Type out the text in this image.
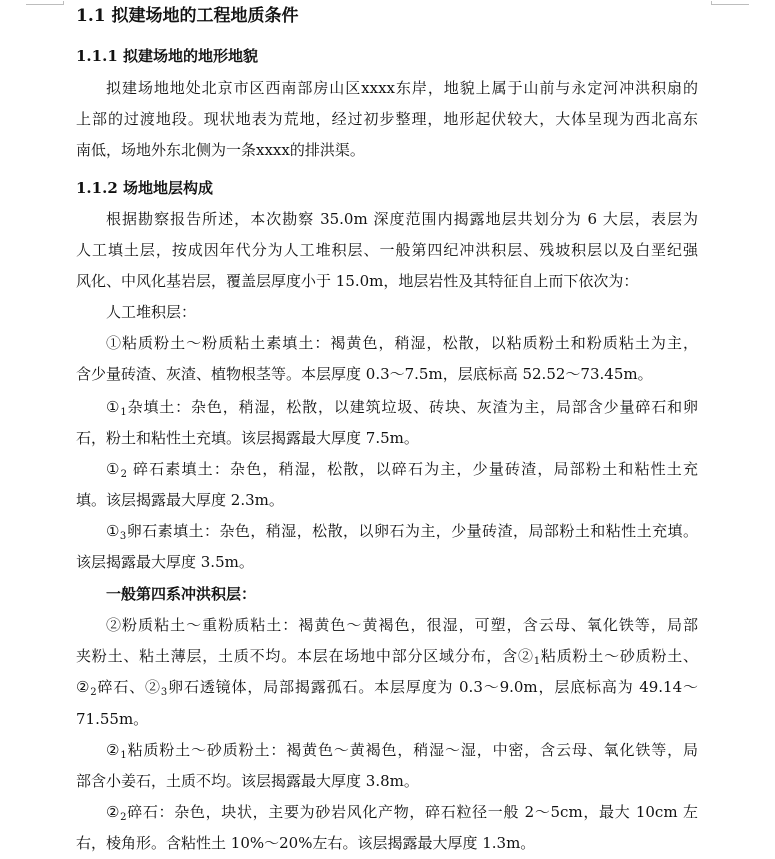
1.1 拟建场地的工程地质条件
1.1.1 拟建场地的地形地貌
拟建场地地处北京市区西南部房山区xxxx东岸，地貌上属于山前与永定河冲洪积扇的
上部的过渡地段。现状地表为荒地，经过初步整理，地形起伏较大，大体呈现为西北高东
南低，场地外东北侧为一条xxxx的排洪渠。
1.1.2 场地地层构成
根据勘察报告所述，本次勘察 35.0m 深度范围内揭露地层共划分为 6 大层，表层为
人工填土层，按成因年代分为人工堆积层、一般第四纪冲洪积层、残坡积层以及白垩纪强
风化、中风化基岩层，覆盖层厚度小于 15.0m，地层岩性及其特征自上而下依次为：
人工堆积层：
①粘质粉土～粉质粘土素填土：褐黄色，稍湿，松散，以粘质粉土和粉质粘土为主，
含少量砖渣、灰渣、植物根茎等。本层厚度 0.3～7.5m，层底标高 52.52～73.45m。
$①_1$杂填土：杂色，稍湿，松散，以建筑垃圾、砖块、灰渣为主，局部含少量碎石和卵
石，粉土和粘性土充填。该层揭露最大厚度 7.5m。
$①_2$ 碎石素填土：杂色，稍湿，松散，以碎石为主，少量砖渣，局部粉土和粘性土充
填。该层揭露最大厚度 2.3m。
$①_3$卵石素填土：杂色，稍湿，松散，以卵石为主，少量砖渣，局部粉土和粘性土充填。
该层揭露最大厚度 3.5m。
一般第四系冲洪积层：
②粉质粘土～重粉质粘土：褐黄色～黄褐色，很湿，可塑，含云母、氧化铁等，局部
夹粉土、粘土薄层，土质不均。本层在场地中部分区域分布，含$②_1$粘质粉土～砂质粉土、
$②_2$碎石、$②_3$卵石透镜体，局部揭露孤石。本层厚度为 0.3～9.0m，层底标高为 49.14～
71.55m。
$②_1$粘质粉土～砂质粉土：褐黄色～黄褐色，稍湿～湿，中密，含云母、氧化铁等，局
部含小姜石，土质不均。该层揭露最大厚度 3.8m。
$②_2$碎石：杂色，块状，主要为砂岩风化产物，碎石粒径一般 2～5cm，最大 10cm 左
右，棱角形。含粘性土 10%～20%左右。该层揭露最大厚度 1.3m。
